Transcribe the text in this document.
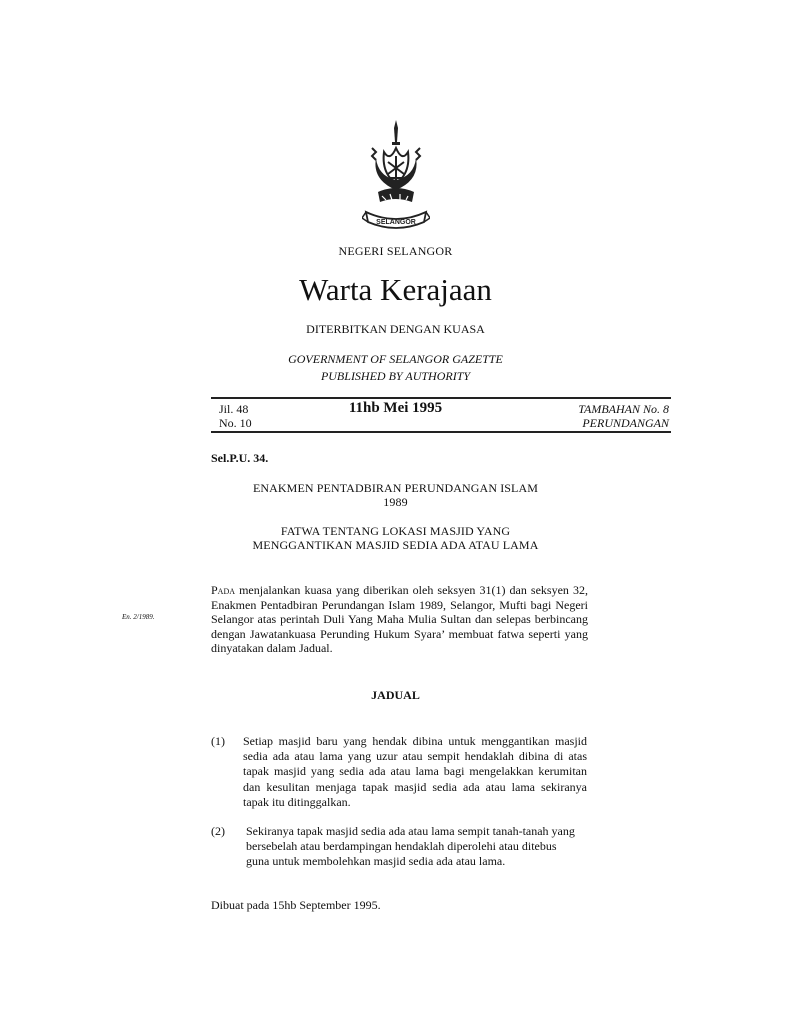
SELANGOR
NEGERI SELANGOR
Warta Kerajaan
DITERBITKAN DENGAN KUASA
GOVERNMENT OF SELANGOR GAZETTE
PUBLISHED BY AUTHORITY
Jil. 48
No. 10
11hb Mei 1995	TAMBAHAN No. 8
PERUNDANGAN
Sel.P.U. 34.
ENAKMEN PENTADBIRAN PERUNDANGAN ISLAM
1989
FATWA TENTANG LOKASI MASJID YANG
MENGGANTIKAN MASJID SEDIA ADA ATAU LAMA
En. 2/1989.
Pada menjalankan kuasa yang diberikan oleh seksyen 31(1) dan seksyen 32, Enakmen Pentadbiran Perundangan Islam 1989, Selangor, Mufti bagi Negeri Selangor atas perintah Duli Yang Maha Mulia Sultan dan selepas berbincang dengan Jawatankuasa Perunding Hukum Syara’ membuat fatwa seperti yang dinyatakan dalam Jadual.
JADUAL
(1) Setiap masjid baru yang hendak dibina untuk menggantikan masjid sedia ada atau lama yang uzur atau sempit hendaklah dibina di atas tapak masjid yang sedia ada atau lama bagi mengelakkan kerumitan dan kesulitan menjaga tapak masjid sedia ada atau lama sekiranya tapak itu ditinggalkan.
(2) Sekiranya tapak masjid sedia ada atau lama sempit tanah-tanah yang bersebelah atau berdampingan hendaklah diperolehi atau ditebus guna untuk membolehkan masjid sedia ada atau lama.
Dibuat pada 15hb September 1995.
